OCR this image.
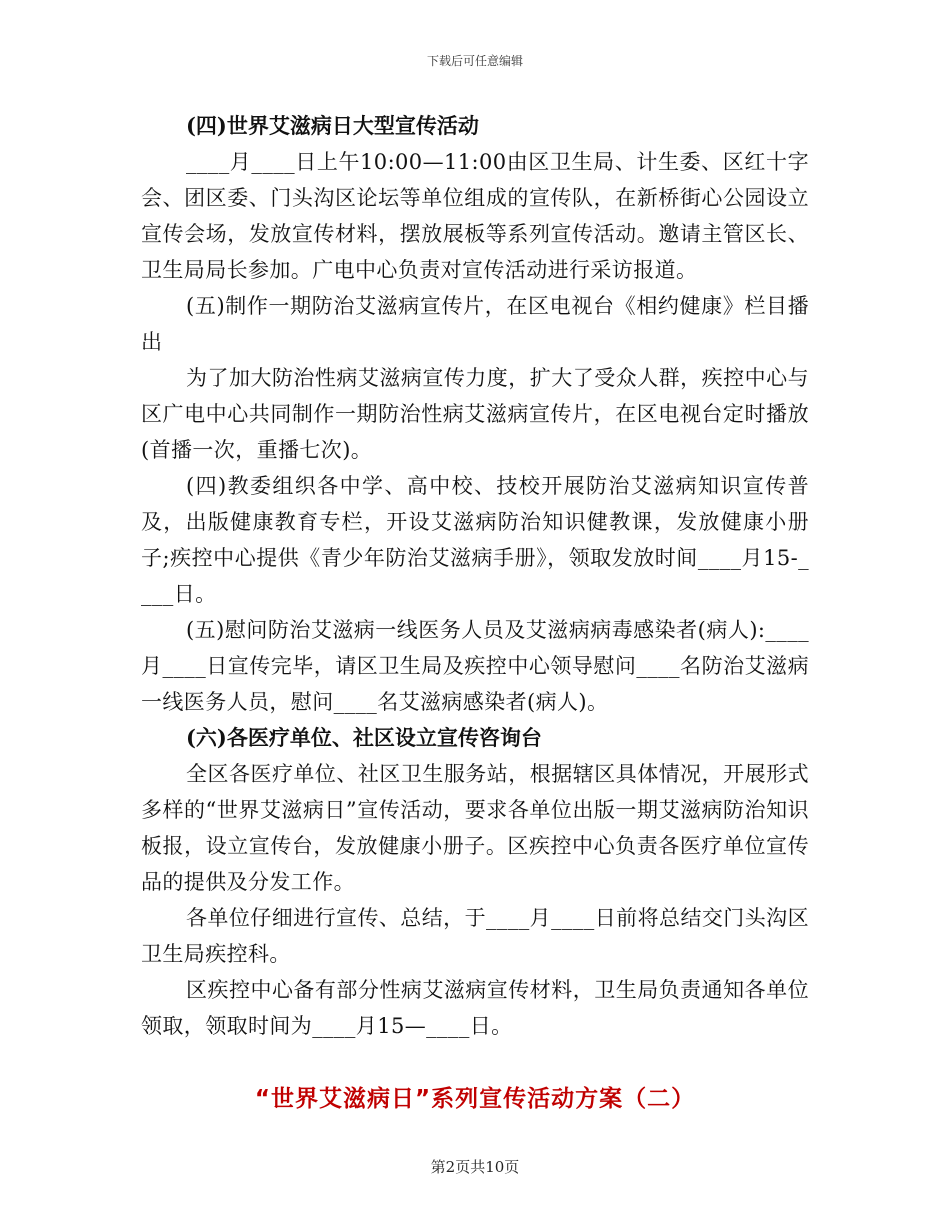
下载后可任意编辑
(四)世界艾滋病日大型宣传活动

____月____日上午10:00—11:00由区卫生局、计生委、区红十字会、团区委、门头沟区论坛等单位组成的宣传队，在新桥街心公园设立宣传会场，发放宣传材料，摆放展板等系列宣传活动。邀请主管区长、卫生局局长参加。广电中心负责对宣传活动进行采访报道。

(五)制作一期防治艾滋病宣传片，在区电视台《相约健康》栏目播出

为了加大防治性病艾滋病宣传力度，扩大了受众人群，疾控中心与区广电中心共同制作一期防治性病艾滋病宣传片，在区电视台定时播放(首播一次，重播七次)。

(四)教委组织各中学、高中校、技校开展防治艾滋病知识宣传普及，出版健康教育专栏，开设艾滋病防治知识健教课，发放健康小册子;疾控中心提供《青少年防治艾滋病手册》，领取发放时间____月15-____日。

(五)慰问防治艾滋病一线医务人员及艾滋病病毒感染者(病人):____月____日宣传完毕，请区卫生局及疾控中心领导慰问____名防治艾滋病一线医务人员，慰问____名艾滋病感染者(病人)。

(六)各医疗单位、社区设立宣传咨询台

全区各医疗单位、社区卫生服务站，根据辖区具体情况，开展形式多样的“世界艾滋病日”宣传活动，要求各单位出版一期艾滋病防治知识板报，设立宣传台，发放健康小册子。区疾控中心负责各医疗单位宣传品的提供及分发工作。

各单位仔细进行宣传、总结，于____月____日前将总结交门头沟区卫生局疾控科。

区疾控中心备有部分性病艾滋病宣传材料，卫生局负责通知各单位领取，领取时间为____月15—____日。

“世界艾滋病日”系列宣传活动方案（二）
第2页共10页
